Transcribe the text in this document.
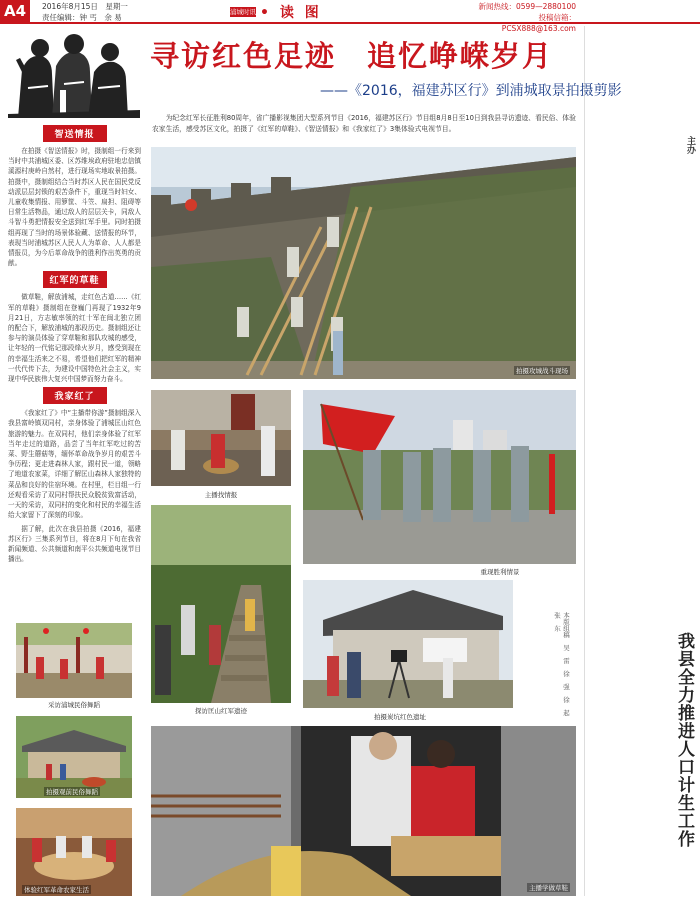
A4	2016年8月15日　星期一
责任编辑：钟 丐　余 易
浦城时讯 • 读 图	新闻热线：0599—2880100
投稿信箱：PCSX888@163.com
寻访红色足迹　追忆峥嵘岁月
——《2016，福建苏区行》到浦城取景拍摄剪影
为纪念红军长征胜利80周年，省广播影视集团大型系列节目《2016，福建苏区行》节目组8月8日至10日到我县寻访遗迹、看民俗、体验农家生活，感受苏区文化，拍摄了《红军的草鞋》、《智送情报》和《我家红了》3集体验式电视节目。
智送情报

在拍摄《智送情报》时，摄制组一行来到当时中共浦城区委、区苏维埃政府驻地忠信镇溪源村庚岭自然村，进行现场实地取景拍摄。拍摄中，摄制组结合当时苏区人民在国民党反动派层层封锁的艰苦条件下，重现当时妇女、儿童收集情报、用箩筐、斗笠、扁担、阻碍等日常生活物品，通过敌人的层层关卡，同敌人斗智斗勇把情报安全送到红军手里。同时拍摄组再现了当时的场景体验藏、送情报的环节，表现当时浦城苏区人民人人为革命、人人都是情报员，为今后革命战争的胜利作出英勇的贡献。

红军的草鞋

做草鞋，解放浦城，走红色古道……《红军的草鞋》摄制组在登巍门再现了1932年9月21日，方志敏率领的红十军在闽北独立团的配合下，解放浦城的那段历史。摄制组还让参与的演员体验了穿草鞋和那队攻城的感受，让年轻的一代铭记那段烽火岁月，感受到现在的幸福生活来之不易，希望他们把红军的精神一代代传下去，为建设中国特色社会主义，实现中华民族伟大复兴中国梦而努力奋斗。

我家红了

《我家红了》中“主播带你游”摄制组深入我县富岭镇双同村，亲身体验了浦城匡山红色旅游的魅力。在双同村，他们亲身体验了红军当年走过的道路，品尝了当年红军吃过的苦菜、野生蘑菇等，缅怀革命战争岁月的艰苦斗争历程；更走进森林人家，跟村民一道，领略了地道农家菜，详细了解匡山森林人家独特的菜品和良好的住宿环境。在村里，栏目组一行还观看采访了双同村帮扶民众脱贫致富活动，一天的采访，双同村的变化和村民的幸福生活给大家留下了深刻的印象。

据了解，此次在我县拍摄《2016，福建苏区行》三集系列节目，将在8月下旬在我省新闻频道、公共频道和南平公共频道电视节目播出。

拍摄攻城战斗现场
主播找情报
重现胜利情景
探访匡山红军遗迹
拍摄炭坑红色遗址
本版组稿　吴　雷　徐　强　徐　起　张　东
主播学做草鞋
采访浦城民俗舞蹈
拍摄观前民俗舞蹈
体验红军革命农家生活
主办
我县全力推进人口计生工作
